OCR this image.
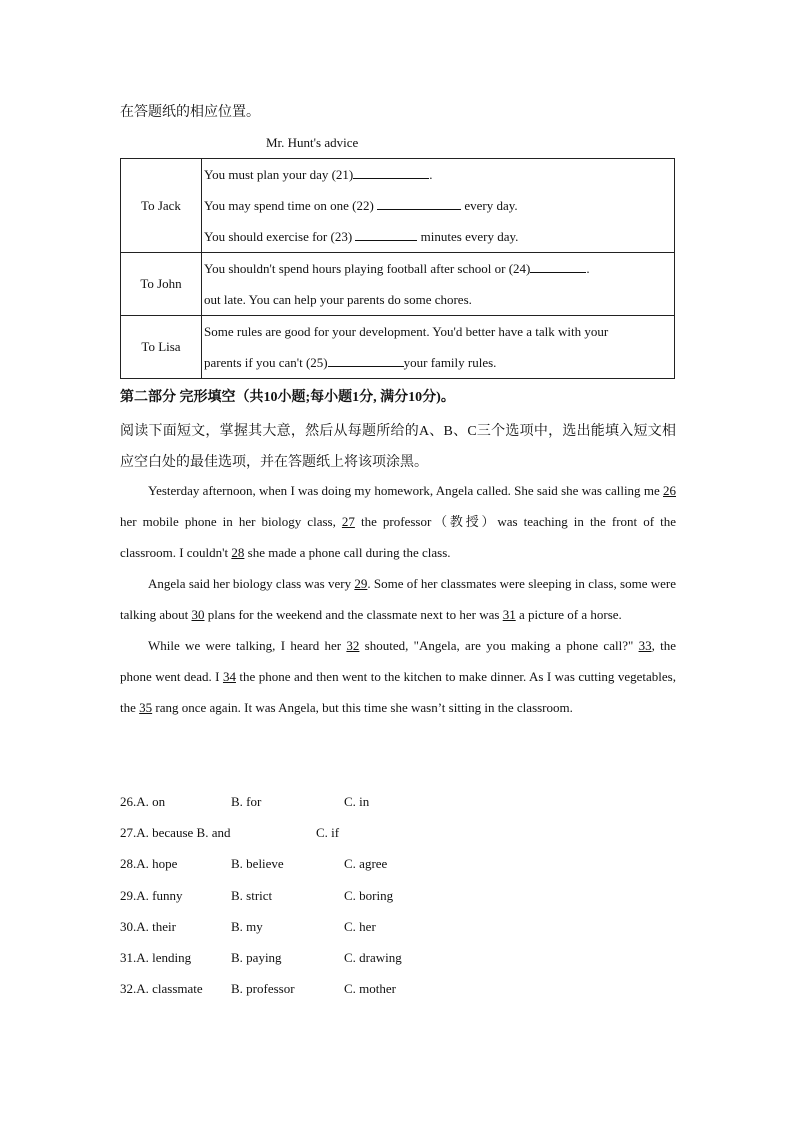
在答题纸的相应位置。
Mr. Hunt's advice
To Jack	You must plan your day (21) .
You may spend time on one (22) every day.
You should exercise for (23) minutes every day.

To John	You shouldn't spend hours playing football after school or (24) .
out late. You can help your parents do some chores.

To Lisa	Some rules are good for your development. You'd better have a talk with your
parents if you can't (25) your family rules.
第二部分 完形填空（共10小题;每小题1分, 满分10分)。
阅读下面短文，掌握其大意，然后从每题所给的A、B、C三个选项中，选出能填入短文相应空白处的最佳选项，并在答题纸上将该项涂黑。

Yesterday afternoon, when I was doing my homework, Angela called. She said she was calling me 26 her mobile phone in her biology class, 27 the professor（教授）was teaching in the front of the classroom. I couldn't 28 she made a phone call during the class.

Angela said her biology class was very 29. Some of her classmates were sleeping in class, some were talking about 30 plans for the weekend and the classmate next to her was 31 a picture of a horse.

While we were talking, I heard her 32 shouted, "Angela, are you making a phone call?" 33, the phone went dead. I 34 the phone and then went to the kitchen to make dinner. As I was cutting vegetables, the 35 rang once again. It was Angela, but this time she wasn’t sitting in the classroom.

26.A. on	B. for	C. in
27.A. because B. and	C. if
28.A. hope	B. believe	C. agree
29.A. funny	B. strict	C. boring
30.A. their	B. my	C. her
31.A. lending	B. paying	C. drawing
32.A. classmate B. professor	C. mother
